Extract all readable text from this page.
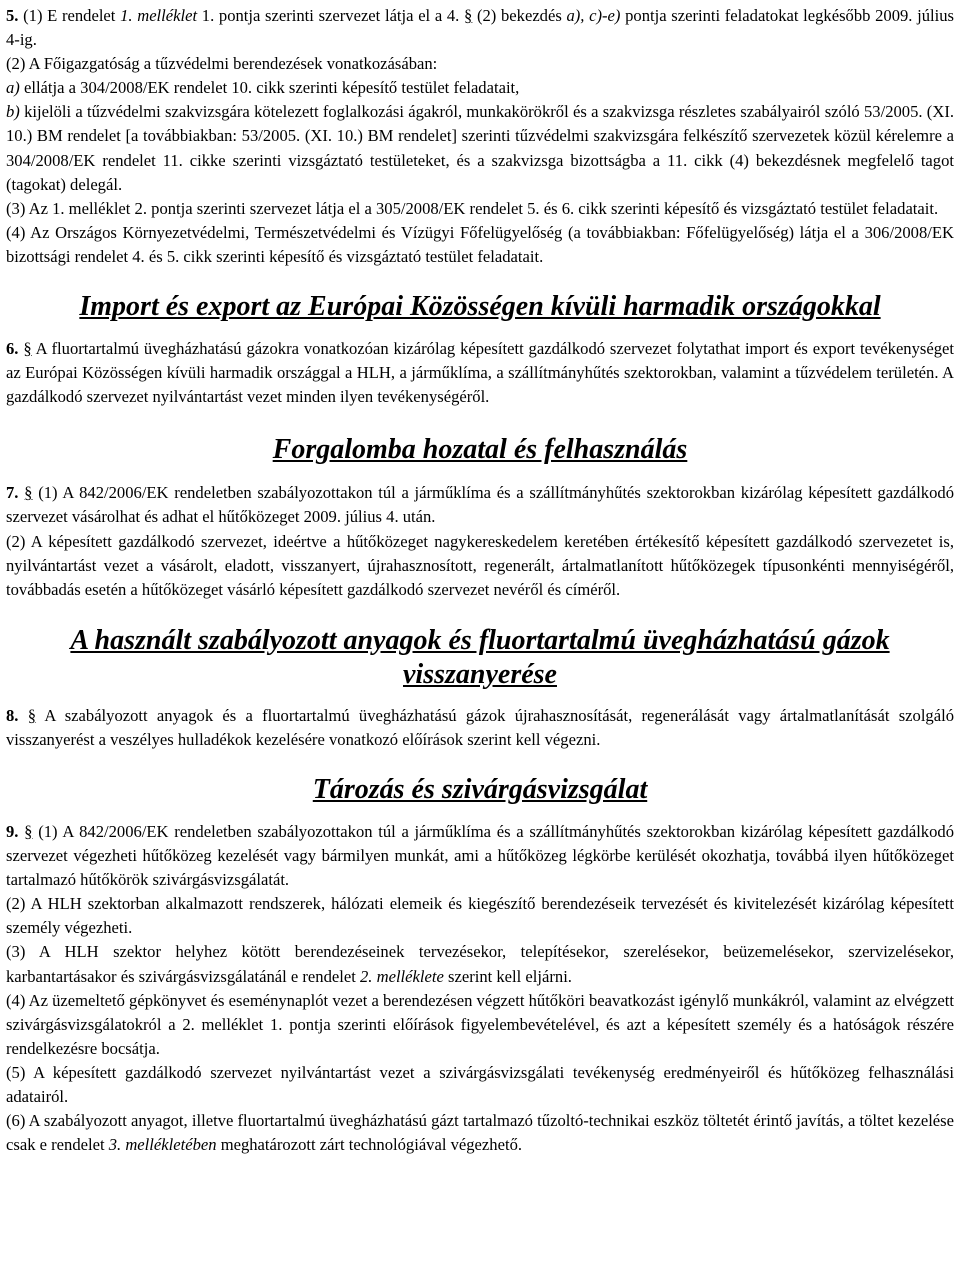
5. (1) E rendelet 1. melléklet 1. pontja szerinti szervezet látja el a 4. § (2) bekezdés a), c)-e) pontja szerinti feladatokat legkésőbb 2009. július 4-ig.

(2) A Főigazgatóság a tűzvédelmi berendezések vonatkozásában:

a) ellátja a 304/2008/EK rendelet 10. cikk szerinti képesítő testület feladatait,

b) kijelöli a tűzvédelmi szakvizsgára kötelezett foglalkozási ágakról, munkakörökről és a szakvizsga részletes szabályairól szóló 53/2005. (XI. 10.) BM rendelet [a továbbiakban: 53/2005. (XI. 10.) BM rendelet] szerinti tűzvédelmi szakvizsgára felkészítő szervezetek közül kérelemre a 304/2008/EK rendelet 11. cikke szerinti vizsgáztató testületeket, és a szakvizsga bizottságba a 11. cikk (4) bekezdésnek megfelelő tagot (tagokat) delegál.

(3) Az 1. melléklet 2. pontja szerinti szervezet látja el a 305/2008/EK rendelet 5. és 6. cikk szerinti képesítő és vizsgáztató testület feladatait.

(4) Az Országos Környezetvédelmi, Természetvédelmi és Vízügyi Főfelügyelőség (a továbbiakban: Főfelügyelőség) látja el a 306/2008/EK bizottsági rendelet 4. és 5. cikk szerinti képesítő és vizsgáztató testület feladatait.

Import és export az Európai Közösségen kívüli harmadik országokkal

6. § A fluortartalmú üvegházhatású gázokra vonatkozóan kizárólag képesített gazdálkodó szervezet folytathat import és export tevékenységet az Európai Közösségen kívüli harmadik országgal a HLH, a járműklíma, a szállítmányhűtés szektorokban, valamint a tűzvédelem területén. A gazdálkodó szervezet nyilvántartást vezet minden ilyen tevékenységéről.

Forgalomba hozatal és felhasználás

7. § (1) A 842/2006/EK rendeletben szabályozottakon túl a járműklíma és a szállítmányhűtés szektorokban kizárólag képesített gazdálkodó szervezet vásárolhat és adhat el hűtőközeget 2009. július 4. után.

(2) A képesített gazdálkodó szervezet, ideértve a hűtőközeget nagykereskedelem keretében értékesítő képesített gazdálkodó szervezetet is, nyilvántartást vezet a vásárolt, eladott, visszanyert, újrahasznosított, regenerált, ártalmatlanított hűtőközegek típusonkénti mennyiségéről, továbbadás esetén a hűtőközeget vásárló képesített gazdálkodó szervezet nevéről és címéről.

A használt szabályozott anyagok és fluortartalmú üvegházhatású gázok visszanyerése

8. § A szabályozott anyagok és a fluortartalmú üvegházhatású gázok újrahasznosítását, regenerálását vagy ártalmatlanítását szolgáló visszanyerést a veszélyes hulladékok kezelésére vonatkozó előírások szerint kell végezni.

Tározás és szivárgásvizsgálat

9. § (1) A 842/2006/EK rendeletben szabályozottakon túl a járműklíma és a szállítmányhűtés szektorokban kizárólag képesített gazdálkodó szervezet végezheti hűtőközeg kezelését vagy bármilyen munkát, ami a hűtőközeg légkörbe kerülését okozhatja, továbbá ilyen hűtőközeget tartalmazó hűtőkörök szivárgásvizsgálatát.

(2) A HLH szektorban alkalmazott rendszerek, hálózati elemeik és kiegészítő berendezéseik tervezését és kivitelezését kizárólag képesített személy végezheti.

(3) A HLH szektor helyhez kötött berendezéseinek tervezésekor, telepítésekor, szerelésekor, beüzemelésekor, szervizelésekor, karbantartásakor és szivárgásvizsgálatánál e rendelet 2. melléklete szerint kell eljárni.

(4) Az üzemeltető gépkönyvet és eseménynaplót vezet a berendezésen végzett hűtőköri beavatkozást igénylő munkákról, valamint az elvégzett szivárgásvizsgálatokról a 2. melléklet 1. pontja szerinti előírások figyelembevételével, és azt a képesített személy és a hatóságok részére rendelkezésre bocsátja.

(5) A képesített gazdálkodó szervezet nyilvántartást vezet a szivárgásvizsgálati tevékenység eredményeiről és hűtőközeg felhasználási adatairól.

(6) A szabályozott anyagot, illetve fluortartalmú üvegházhatású gázt tartalmazó tűzoltó-technikai eszköz töltetét érintő javítás, a töltet kezelése csak e rendelet 3. mellékletében meghatározott zárt technológiával végezhető.
